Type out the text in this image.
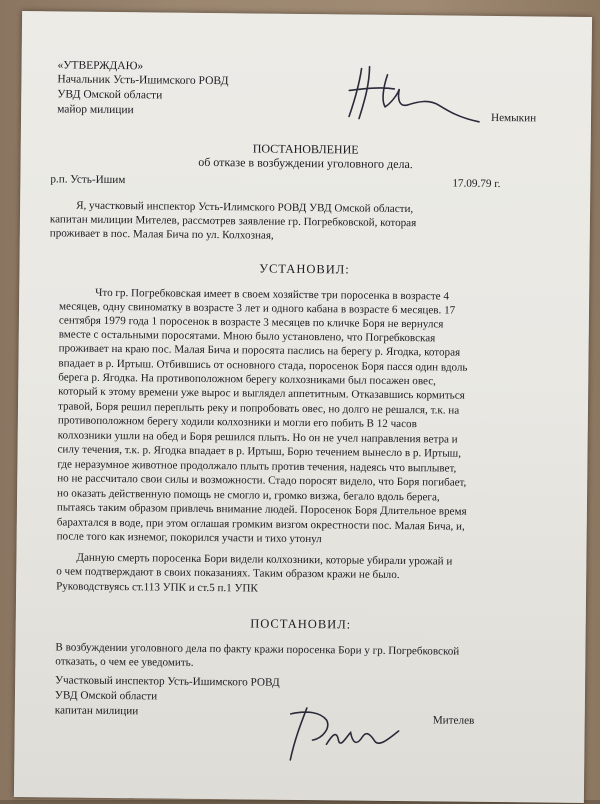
«УТВЕРЖДАЮ»
Начальник Усть-Ишимского РОВД
УВД Омской области
майор милиции
Немыкин
ПОСТАНОВЛЕНИЕ
об отказе в возбуждении уголовного дела.
р.п. Усть-Ишим	17.09.79 г.
Я, участковый инспектор Усть-Илимского РОВД УВД Омской области,
капитан милиции Мителев, рассмотрев заявление гр. Погребковской, которая
проживает в пос. Малая Бича по ул. Колхозная,
УСТАНОВИЛ:
Что гр. Погребковская имеет в своем хозяйстве три поросенка в возрасте 4
месяцев, одну свиноматку в возрасте 3 лет и одного кабана в возрасте 6 месяцев. 17
сентября 1979 года 1 поросенок в возрасте 3 месяцев по кличке Боря не вернулся
вместе с остальными поросятами. Мною было установлено, что Погребковская
проживает на краю пос. Малая Бича и поросята паслись на берегу р. Ягодка, которая
впадает в р. Иртыш. Отбившись от основного стада, поросенок Боря пасся один вдоль
берега р. Ягодка. На противоположном берегу колхозниками был посажен овес,
который к этому времени уже вырос и выглядел аппетитным. Отказавшись кормиться
травой, Боря решил переплыть реку и попробовать овес, но долго не решался, т.к. на
противоположном берегу ходили колхозники и могли его побить В 12 часов
колхозники ушли на обед и Боря решился плыть. Но он не учел направления ветра и
силу течения, т.к. р. Ягодка впадает в р. Иртыш, Борю течением вынесло в р. Иртыш,
где неразумное животное продолжало плыть против течения, надеясь что выплывет,
но не рассчитало свои силы и возможности. Стадо поросят видело, что Боря погибает,
но оказать действенную помощь не смогло и, громко визжа, бегало вдоль берега,
пытаясь таким образом привлечь внимание людей. Поросенок Боря Длительное время
барахтался в воде, при этом оглашая громким визгом окрестности пос. Малая Бича, и,
после того как изнемог, покорился участи и тихо утонул
Данную смерть поросенка Бори видели колхозники, которые убирали урожай и
о чем подтверждают в своих показаниях. Таким образом кражи не было.
Руководствуясь ст.113 УПК и ст.5 п.1 УПК
ПОСТАНОВИЛ:
В возбуждении уголовного дела по факту кражи поросенка Бори у гр. Погребковской
отказать, о чем ее уведомить.
Участковый инспектор Усть-Ишимского РОВД
УВД Омской области
капитан милиции
Мителев
